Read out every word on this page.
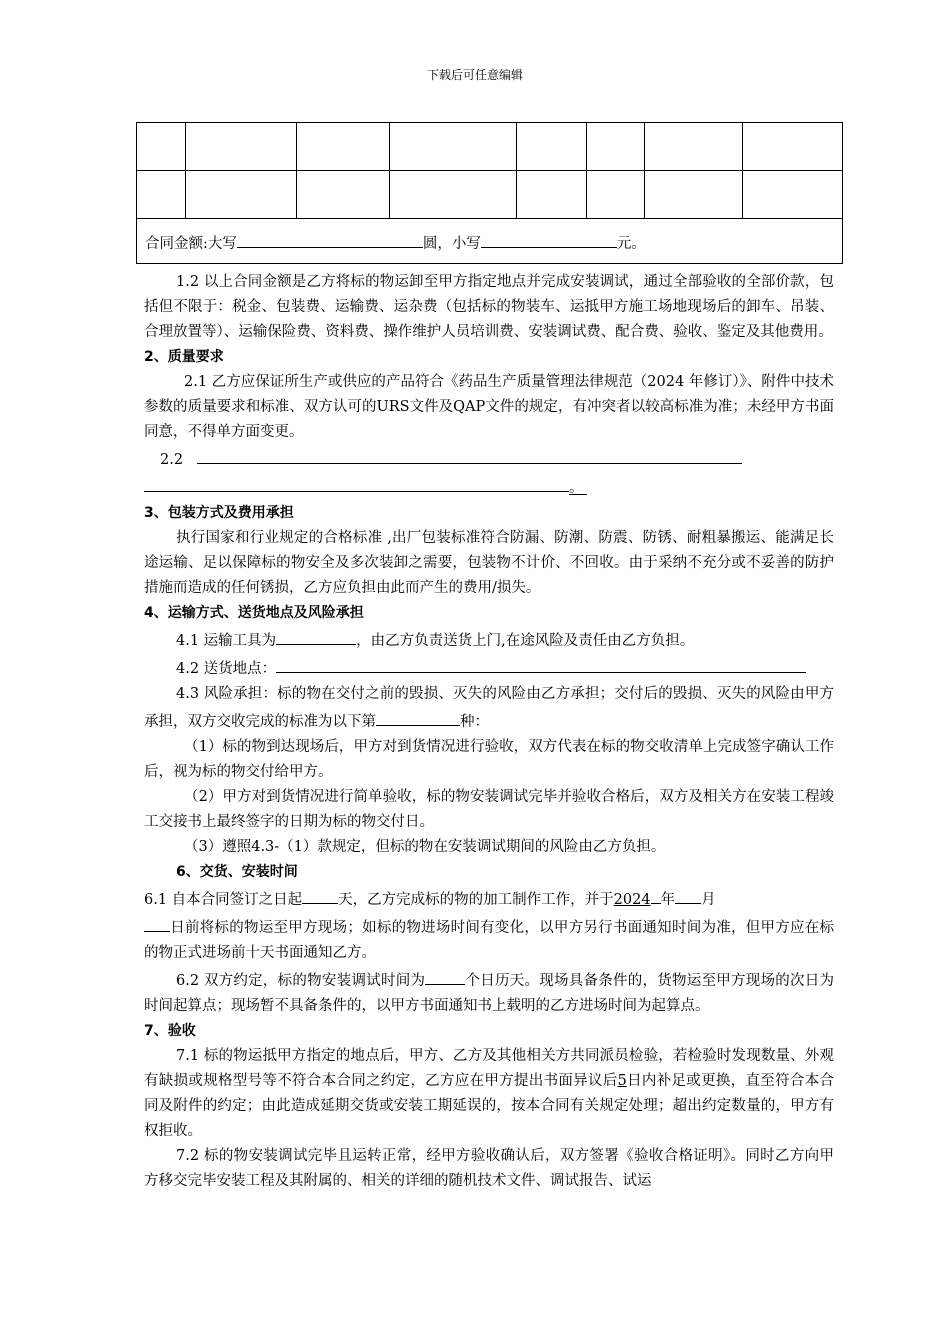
下载后可任意编辑

合同金额:大写 圆，小写 元。							

1.2 以上合同金额是乙方将标的物运卸至甲方指定地点并完成安装调试，通过全部验收的全部价款，包括但不限于：税金、包装费、运输费、运杂费（包括标的物装车、运抵甲方施工场地现场后的卸车、吊装、合理放置等）、运输保险费、资料费、操作维护人员培训费、安装调试费、配合费、验收、鉴定及其他费用。

2、质量要求

2.1 乙方应保证所生产或供应的产品符合《药品生产质量管理法律规范（2024 年修订）》、附件中技术参数的质量要求和标准、双方认可的URS文件及QAP文件的规定，有冲突者以较高标准为准；未经甲方书面同意，不得单方面变更。

2.2

。

3、包装方式及费用承担

执行国家和行业规定的合格标准 ,出厂包装标准符合防漏、防潮、防震、防锈、耐粗暴搬运、能满足长途运输、足以保障标的物安全及多次装卸之需要，包装物不计价、不回收。由于采纳不充分或不妥善的防护措施而造成的任何锈损，乙方应负担由此而产生的费用/损失。

4、运输方式、送货地点及风险承担

4.1 运输工具为	，由乙方负责送货上门,在途风险及责任由乙方负担。

4.2 送货地点：

4.3 风险承担：标的物在交付之前的毁损、灭失的风险由乙方承担；交付后的毁损、灭失的风险由甲方承担，双方交收完成的标准为以下第	种：

（1）标的物到达现场后，甲方对到货情况进行验收，双方代表在标的物交收清单上完成签字确认工作后，视为标的物交付给甲方。

（2）甲方对到货情况进行简单验收，标的物安装调试完毕并验收合格后，双方及相关方在安装工程竣工交接书上最终签字的日期为标的物交付日。

（3）遵照4.3-（1）款规定，但标的物在安装调试期间的风险由乙方负担。

6、交货、安装时间

6.1 自本合同签订之日起 天，乙方完成标的物的加工制作工作，并于2024 年 月
日前将标的物运至甲方现场；如标的物进场时间有变化，以甲方另行书面通知时间为准，但甲方应在标的物正式进场前十天书面通知乙方。

6.2 双方约定，标的物安装调试时间为	个日历天。现场具备条件的，货物运至甲方现场的次日为时间起算点；现场暂不具备条件的，以甲方书面通知书上载明的乙方进场时间为起算点。

7、验收

7.1 标的物运抵甲方指定的地点后，甲方、乙方及其他相关方共同派员检验，若检验时发现数量、外观有缺损或规格型号等不符合本合同之约定，乙方应在甲方提出书面异议后5日内补足或更换，直至符合本合同及附件的约定；由此造成延期交货或安装工期延误的，按本合同有关规定处理；超出约定数量的，甲方有权拒收。

7.2 标的物安装调试完毕且运转正常，经甲方验收确认后，双方签署《验收合格证明》。同时乙方向甲方移交完毕安装工程及其附属的、相关的详细的随机技术文件、调试报告、试运
